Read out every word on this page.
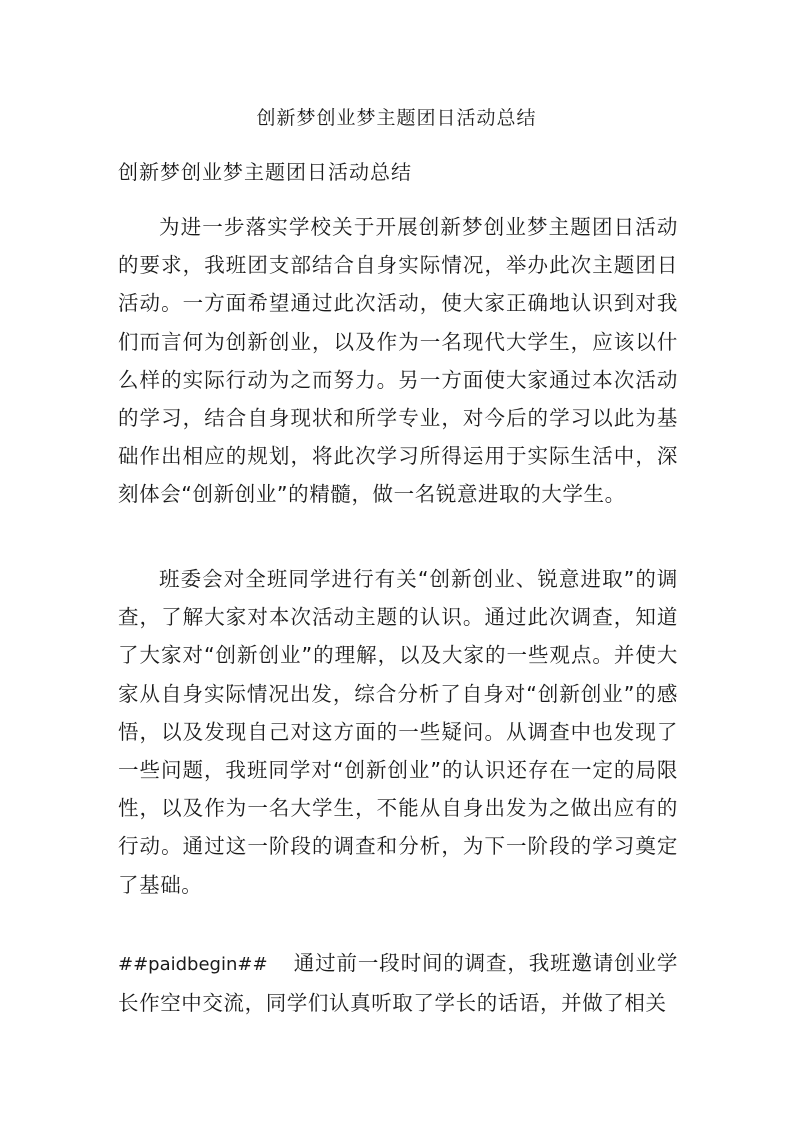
创新梦创业梦主题团日活动总结
创新梦创业梦主题团日活动总结
为进一步落实学校关于开展创新梦创业梦主题团日活动的要求，我班团支部结合自身实际情况，举办此次主题团日活动。一方面希望通过此次活动，使大家正确地认识到对我们而言何为创新创业，以及作为一名现代大学生，应该以什么样的实际行动为之而努力。另一方面使大家通过本次活动的学习，结合自身现状和所学专业，对今后的学习以此为基础作出相应的规划，将此次学习所得运用于实际生活中，深刻体会“创新创业”的精髓，做一名锐意进取的大学生。
班委会对全班同学进行有关“创新创业、锐意进取”的调查，了解大家对本次活动主题的认识。通过此次调查，知道了大家对“创新创业”的理解，以及大家的一些观点。并使大家从自身实际情况出发，综合分析了自身对“创新创业”的感悟，以及发现自己对这方面的一些疑问。从调查中也发现了一些问题，我班同学对“创新创业”的认识还存在一定的局限性，以及作为一名大学生，不能从自身出发为之做出应有的行动。通过这一阶段的调查和分析，为下一阶段的学习奠定了基础。
##paidbegin## 通过前一段时间的调查，我班邀请创业学长作空中交流，同学们认真听取了学长的话语，并做了相关
